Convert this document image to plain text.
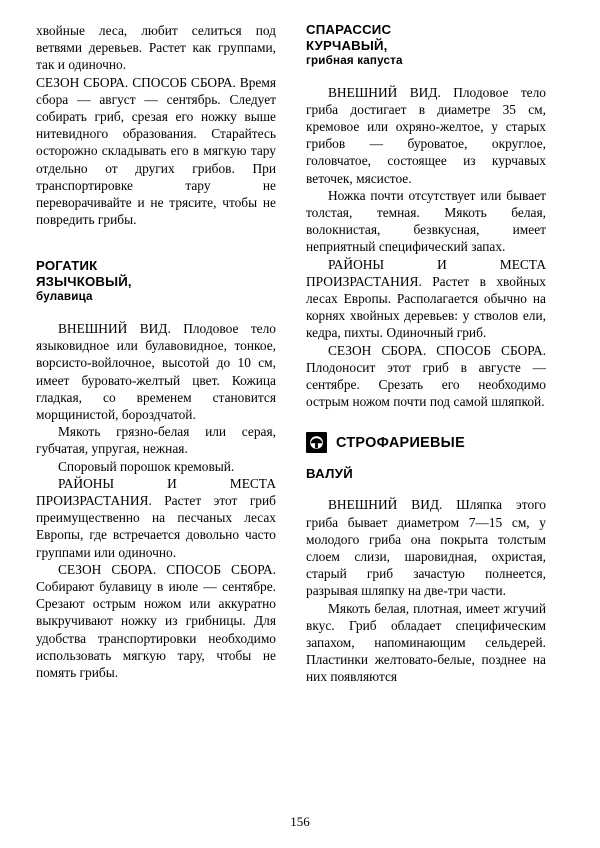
хвойные леса, любит селиться под ветвями деревьев. Растет как группами, так и одиночно.

СЕЗОН СБОРА. СПОСОБ СБОРА. Время сбора — август — сентябрь. Следует собирать гриб, срезая его ножку выше нитевидного образования. Старайтесь осторожно складывать его в мягкую тару отдельно от других грибов. При транспортировке тару не переворачивайте и не трясите, чтобы не повредить грибы.

РОГАТИК
ЯЗЫЧКОВЫЙ,
булавица

ВНЕШНИЙ ВИД. Плодовое тело языковидное или булавовидное, тонкое, ворсисто-войлочное, высотой до 10 см, имеет буровато-желтый цвет. Кожица гладкая, со временем становится морщинистой, бороздчатой.

Мякоть грязно-белая или серая, губчатая, упругая, нежная.

Споровый порошок кремовый.

РАЙОНЫ И МЕСТА ПРОИЗРАСТАНИЯ. Растет этот гриб преимущественно на песчаных лесах Европы, где встречается довольно часто группами или одиночно.

СЕЗОН СБОРА. СПОСОБ СБОРА. Собирают булавицу в июле — сентябре. Срезают острым ножом или аккуратно выкручивают ножку из грибницы. Для удобства транспортировки необходимо использовать мягкую тару, чтобы не помять грибы.

СПАРАССИС
КУРЧАВЫЙ,
грибная капуста

ВНЕШНИЙ ВИД. Плодовое тело гриба достигает в диаметре 35 см, кремовое или охряно-желтое, у старых грибов — буроватое, округлое, головчатое, состоящее из курчавых веточек, мясистое.

Ножка почти отсутствует или бывает толстая, темная. Мякоть белая, волокнистая, безвкусная, имеет неприятный специфический запах.

РАЙОНЫ И МЕСТА ПРОИЗРАСТАНИЯ. Растет в хвойных лесах Европы. Располагается обычно на корнях хвойных деревьев: у стволов ели, кедра, пихты. Одиночный гриб.

СЕЗОН СБОРА. СПОСОБ СБОРА. Плодоносит этот гриб в августе — сентябре. Срезать его необходимо острым ножом почти под самой шляпкой.

СТРОФАРИЕВЫЕ
ВАЛУЙ

ВНЕШНИЙ ВИД. Шляпка этого гриба бывает диаметром 7—15 см, у молодого гриба она покрыта толстым слоем слизи, шаровидная, охристая, старый гриб зачастую полнеется, разрывая шляпку на две-три части.

Мякоть белая, плотная, имеет жгучий вкус. Гриб обладает специфическим запахом, напоминающим сельдерей. Пластинки желтовато-белые, позднее на них появляются

156
